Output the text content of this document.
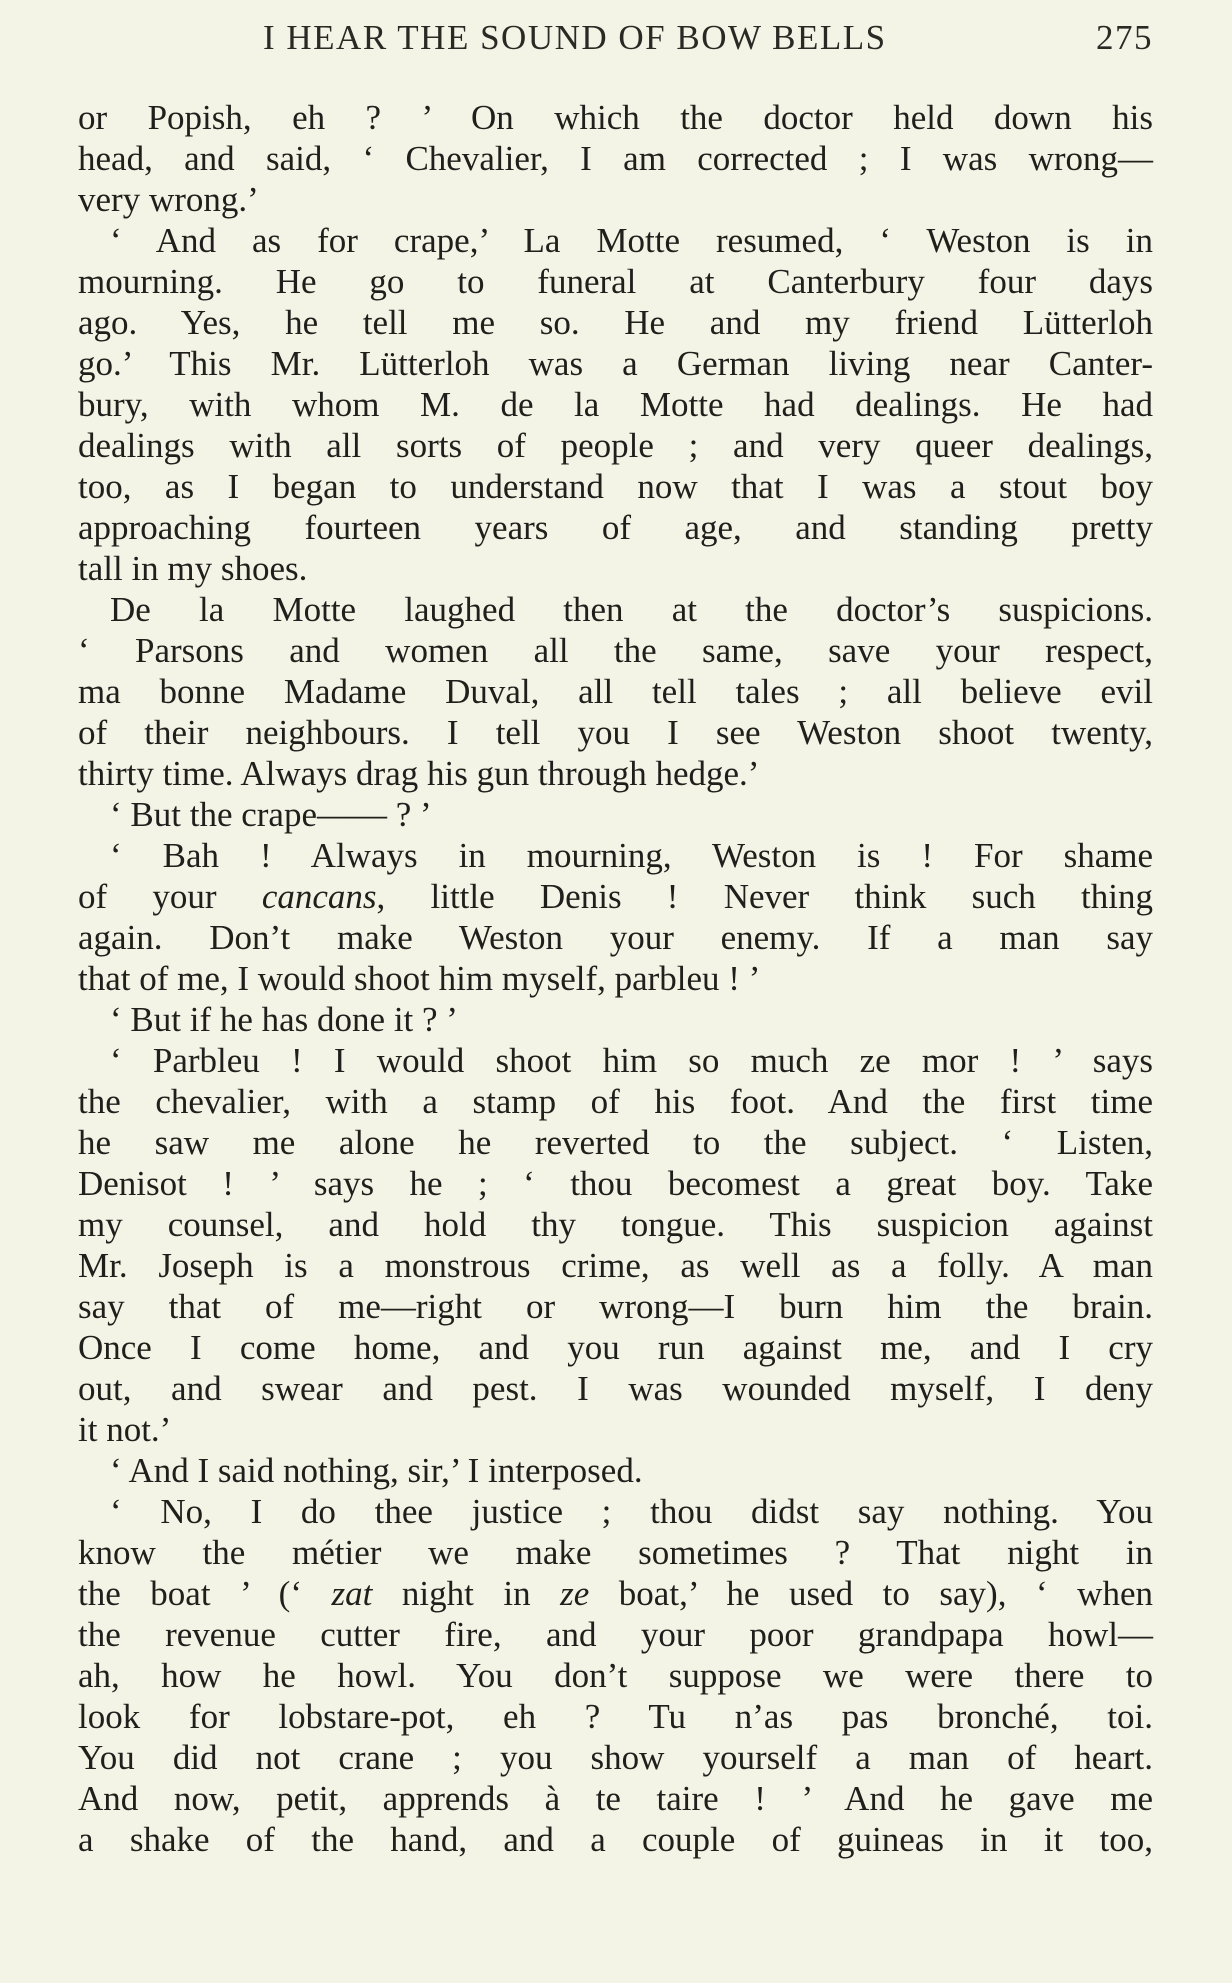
I HEAR THE SOUND OF BOW BELLS	275
or Popish, eh ? ’ On which the doctor held down his
head, and said, ‘ Chevalier, I am corrected ; I was wrong—
very wrong.’
‘ And as for crape,’ La Motte resumed, ‘ Weston is in
mourning. He go to funeral at Canterbury four days
ago. Yes, he tell me so. He and my friend Lütterloh
go.’ This Mr. Lütterloh was a German living near Canter-
bury, with whom M. de la Motte had dealings. He had
dealings with all sorts of people ; and very queer dealings,
too, as I began to understand now that I was a stout boy
approaching fourteen years of age, and standing pretty
tall in my shoes.
De la Motte laughed then at the doctor’s suspicions.
‘ Parsons and women all the same, save your respect,
ma bonne Madame Duval, all tell tales ; all believe evil
of their neighbours. I tell you I see Weston shoot twenty,
thirty time. Always drag his gun through hedge.’
‘ But the crape—— ? ’
‘ Bah ! Always in mourning, Weston is ! For shame
of your cancans, little Denis ! Never think such thing
again. Don’t make Weston your enemy. If a man say
that of me, I would shoot him myself, parbleu ! ’
‘ But if he has done it ? ’
‘ Parbleu ! I would shoot him so much ze mor ! ’ says
the chevalier, with a stamp of his foot. And the first time
he saw me alone he reverted to the subject. ‘ Listen,
Denisot ! ’ says he ; ‘ thou becomest a great boy. Take
my counsel, and hold thy tongue. This suspicion against
Mr. Joseph is a monstrous crime, as well as a folly. A man
say that of me—right or wrong—I burn him the brain.
Once I come home, and you run against me, and I cry
out, and swear and pest. I was wounded myself, I deny
it not.’
‘ And I said nothing, sir,’ I interposed.
‘ No, I do thee justice ; thou didst say nothing. You
know the métier we make sometimes ? That night in
the boat ’ (‘ zat night in ze boat,’ he used to say), ‘ when
the revenue cutter fire, and your poor grandpapa howl—
ah, how he howl. You don’t suppose we were there to
look for lobstare-pot, eh ? Tu n’as pas bronché, toi.
You did not crane ; you show yourself a man of heart.
And now, petit, apprends à te taire ! ’ And he gave me
a shake of the hand, and a couple of guineas in it too,
